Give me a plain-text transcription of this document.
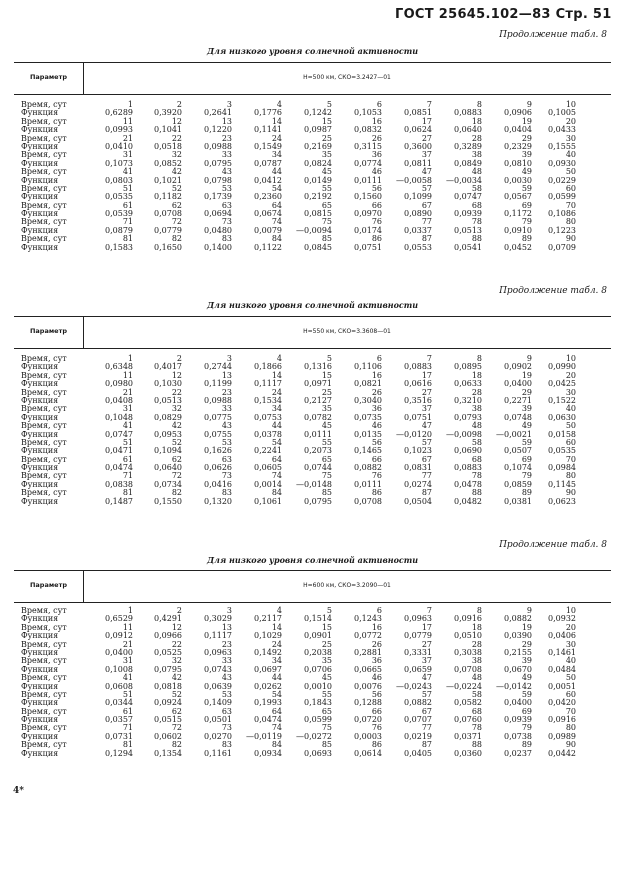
ГОСТ 25645.102—83 Стр. 51
Продолжение табл. 8
Для низкого уровня солнечной активности
Параметр	H=500 км, СКО=3.2427—01
Время, сут	1	2	3	4	5	6	7	8	9	10
Функция	0,6289	0,3920	0,2641	0,1776	0,1242	0,1053	0,0851	0,0883	0,0906	0,1005
Время, сут	11	12	13	14	15	16	17	18	19	20
Функция	0,0993	0,1041	0,1220	0,1141	0,0987	0,0832	0,0624	0,0640	0,0404	0,0433
Время, сут	21	22	23	24	25	26	27	28	29	30
Функция	0,0410	0,0518	0,0988	0,1549	0,2169	0,3115	0,3600	0,3289	0,2329	0,1555
Время, сут	31	32	33	34	35	36	37	38	39	40
Функция	0,1073	0,0852	0,0795	0,0787	0,0824	0,0774	0,0811	0,0849	0,0810	0,0930
Время, сут	41	42	43	44	45	46	47	48	49	50
Функция	0,0803	0,1021	0,0798	0,0412	0,0149	0,0111	—0,0058	—0,0034	0,0030	0,0229
Время, сут	51	52	53	54	55	56	57	58	59	60
Функция	0,0535	0,1182	0,1739	0,2360	0,2192	0,1560	0,1099	0,0747	0,0567	0,0599
Время, сут	61	62	63	64	65	66	67	68	69	70
Функция	0,0539	0,0708	0,0694	0,0674	0,0815	0,0970	0,0890	0,0939	0,1172	0,1086
Время, сут	71	72	73	74	75	76	77	78	79	80
Функция	0,0879	0,0779	0,0480	0,0079	—0,0094	0,0174	0,0337	0,0513	0,0910	0,1223
Время, сут	81	82	83	84	85	86	87	88	89	90
Функция	0,1583	0,1650	0,1400	0,1122	0,0845	0,0751	0,0553	0,0541	0,0452	0,0709
Продолжение табл. 8
Для низкого уровня солнечной активности
Параметр	H=550 км, СКО=3.3608—01
Время, сут	1	2	3	4	5	6	7	8	9	10
Функция	0,6348	0,4017	0,2744	0,1866	0,1316	0,1106	0,0883	0,0895	0,0902	0,0990
Время, сут	11	12	13	14	15	16	17	18	19	20
Функция	0,0980	0,1030	0,1199	0,1117	0,0971	0,0821	0,0616	0,0633	0,0400	0,0425
Время, сут	21	22	23	24	25	26	27	28	29	30
Функция	0,0408	0,0513	0,0988	0,1534	0,2127	0,3040	0,3516	0,3210	0,2271	0,1522
Время, сут	31	32	33	34	35	36	37	38	39	40
Функция	0,1048	0,0829	0,0775	0,0753	0,0782	0,0735	0,0751	0,0793	0,0748	0,0630
Время, сут	41	42	43	44	45	46	47	48	49	50
Функция	0,0747	0,0953	0,0755	0,0378	0,0111	0,0135	—0,0120	—0,0098	—0,0021	0,0158
Время, сут	51	52	53	54	55	56	57	58	59	60
Функция	0,0471	0,1094	0,1626	0,2241	0,2073	0,1465	0,1023	0,0690	0,0507	0,0535
Время, сут	61	62	63	64	65	66	67	68	69	70
Функция	0,0474	0,0640	0,0626	0,0605	0,0744	0,0882	0,0831	0,0883	0,1074	0,0984
Время, сут	71	72	73	74	75	76	77	78	79	80
Функция	0,0838	0,0734	0,0416	0,0014	—0,0148	0,0111	0,0274	0,0478	0,0859	0,1145
Время, сут	81	82	83	84	85	86	87	88	89	90
Функция	0,1487	0,1550	0,1320	0,1061	0,0795	0,0708	0,0504	0,0482	0,0381	0,0623
Продолжение табл. 8
Для низкого уровня солнечной активности
Параметр	H=600 км, СКО=3.2090—01
Время, сут	1	2	3	4	5	6	7	8	9	10
Функция	0,6529	0,4291	0,3029	0,2117	0,1514	0,1243	0,0963	0,0916	0,0882	0,0932
Время, сут	11	12	13	14	15	16	17	18	19	20
Функция	0,0912	0,0966	0,1117	0,1029	0,0901	0,0772	0,0779	0,0510	0,0390	0,0406
Время, сут	21	22	23	24	25	26	27	28	29	30
Функция	0,0400	0,0525	0,0963	0,1492	0,2038	0,2881	0,3331	0,3038	0,2155	0,1461
Время, сут	31	32	33	34	35	36	37	38	39	40
Функция	0,1008	0,0795	0,0743	0,0697	0,0706	0,0665	0,0659	0,0708	0,0670	0,0484
Время, сут	41	42	43	44	45	46	47	48	49	50
Функция	0,0608	0,0818	0,0639	0,0262	0,0010	0,0076	—0,0243	—0,0224	—0,0142	0,0051
Время, сут	51	52	53	54	55	56	57	58	59	60
Функция	0,0344	0,0924	0,1409	0,1993	0,1843	0,1288	0,0882	0,0582	0,0400	0,0420
Время, сут	61	62	63	64	65	66	67	68	69	70
Функция	0,0357	0,0515	0,0501	0,0474	0,0599	0,0720	0,0707	0,0760	0,0939	0,0916
Время, сут	71	72	73	74	75	76	77	78	79	80
Функция	0,0731	0,0602	0,0270	—0,0119	—0,0272	0,0003	0,0219	0,0371	0,0738	0,0989
Время, сут	81	82	83	84	85	86	87	88	89	90
Функция	0,1294	0,1354	0,1161	0,0934	0,0693	0,0614	0,0405	0,0360	0,0237	0,0442
4*
